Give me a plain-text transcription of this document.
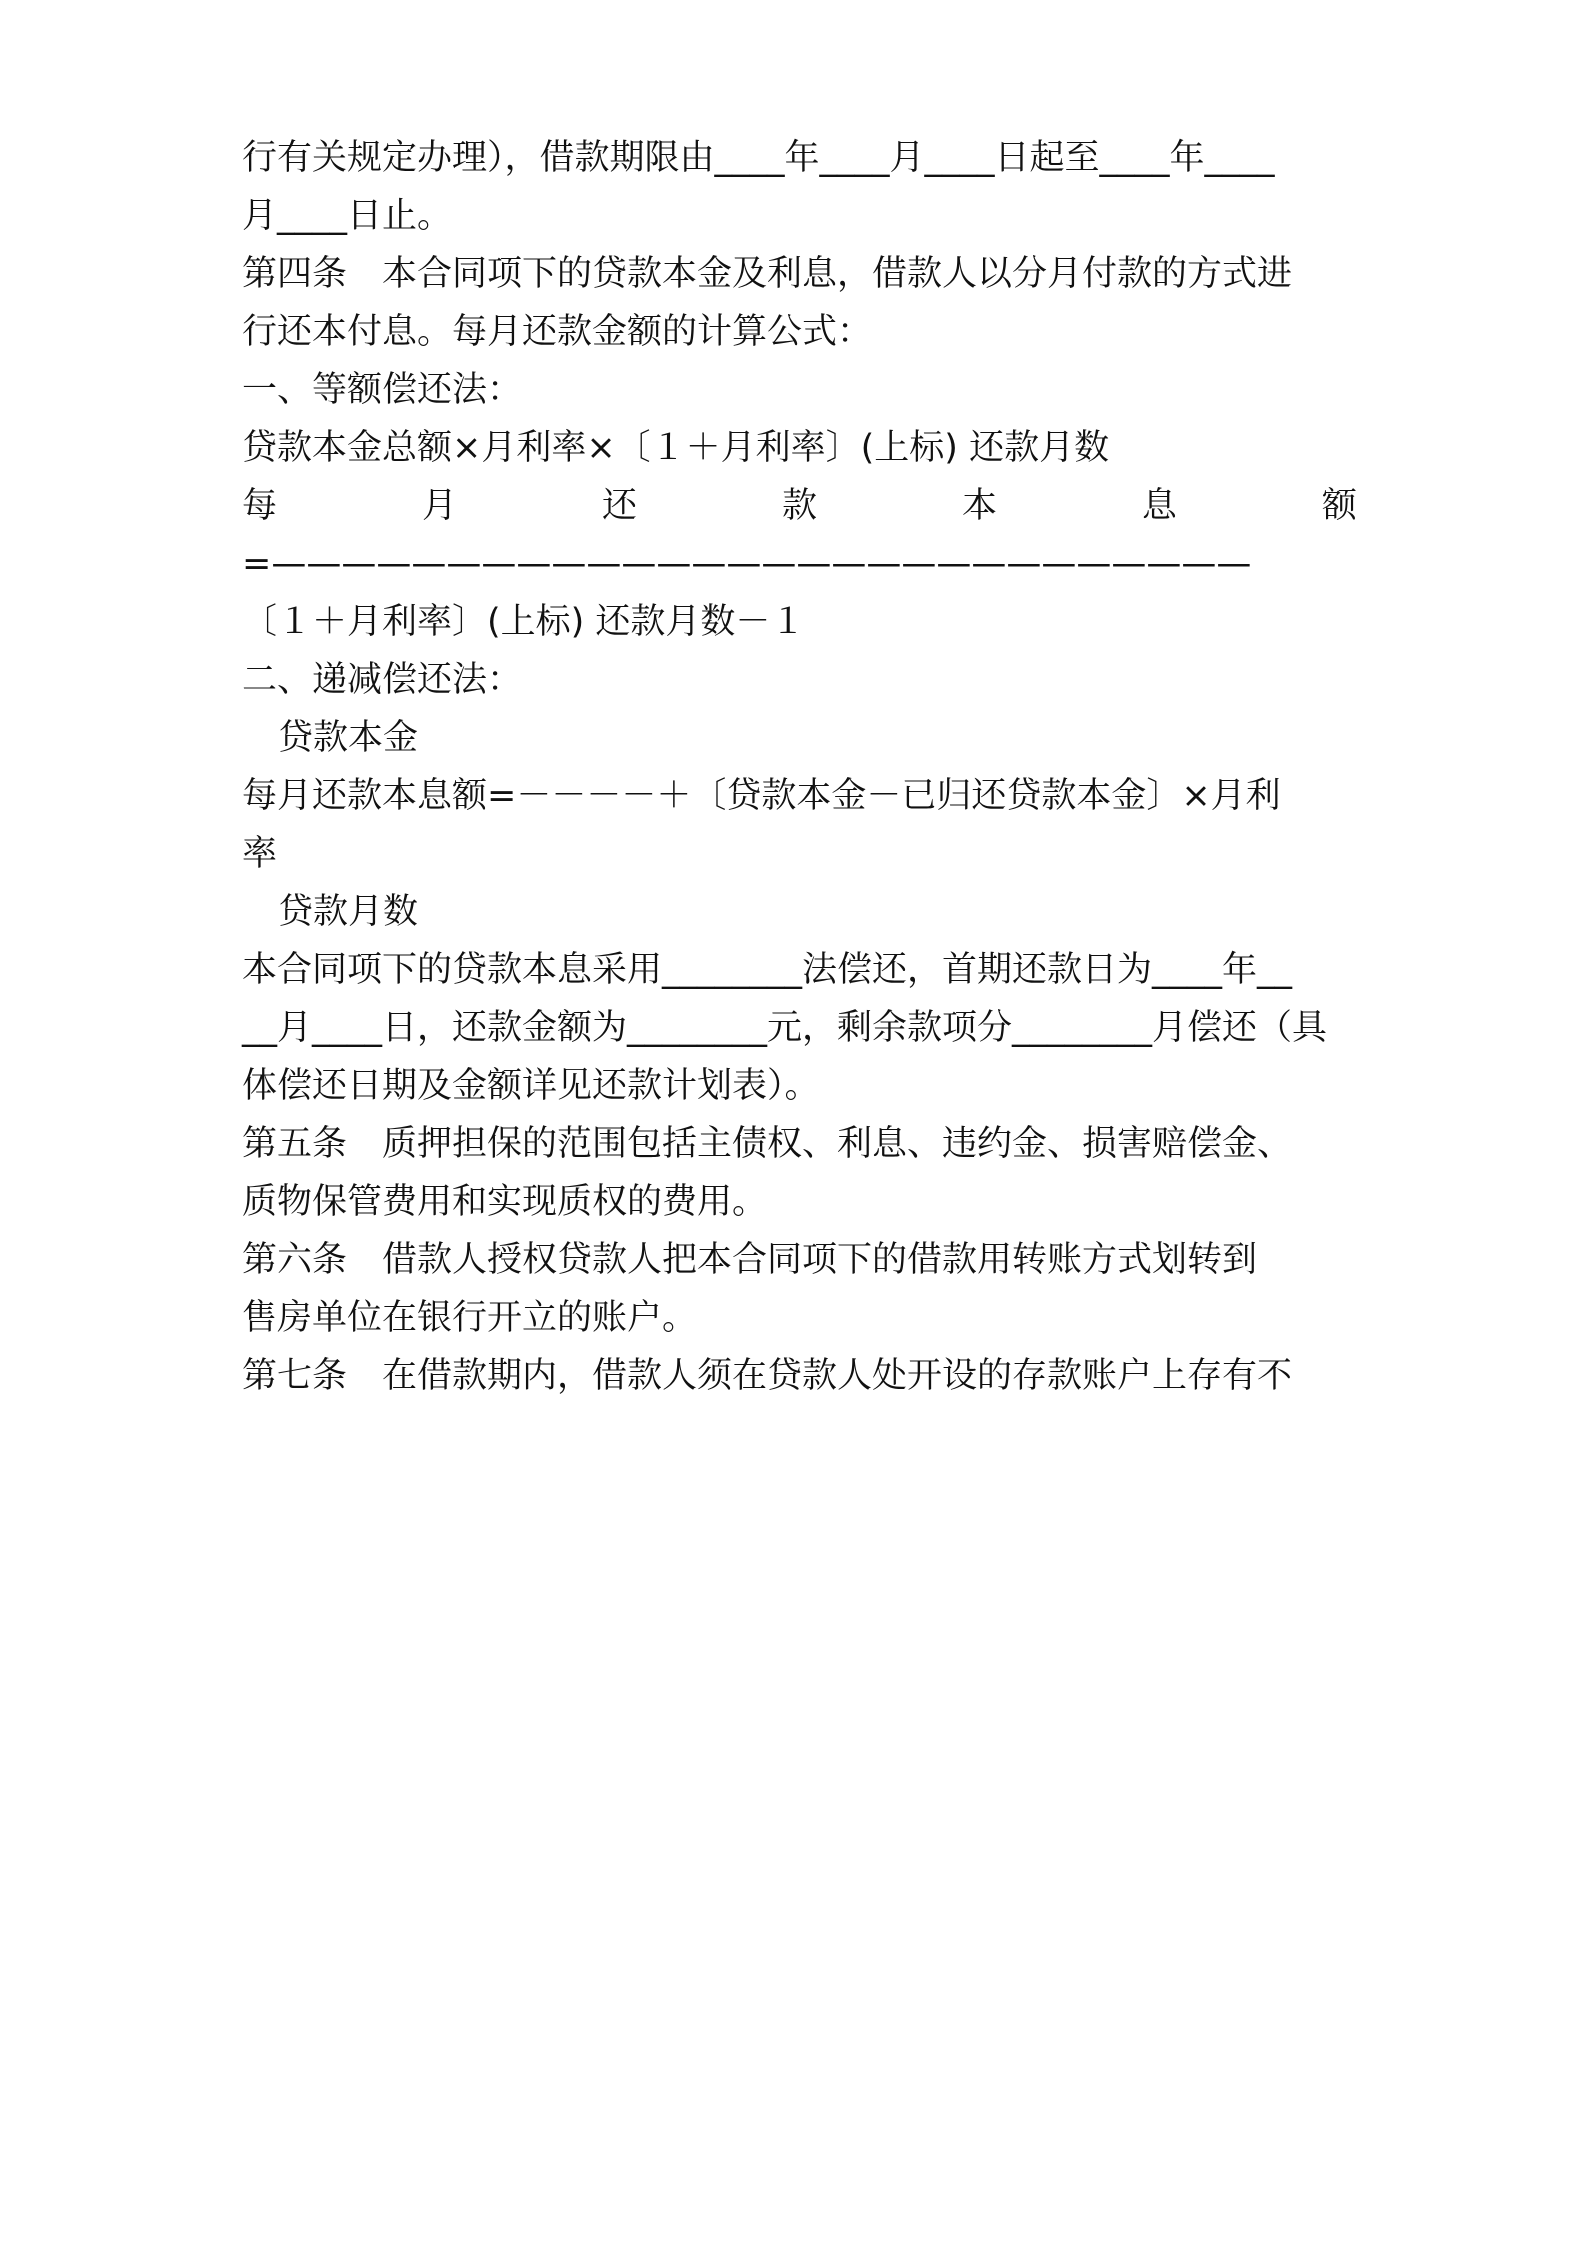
行有关规定办理），借款期限由____年____月____日起至____年____
月____日止。
第四条　本合同项下的贷款本金及利息，借款人以分月付款的方式进
行还本付息。每月还款金额的计算公式：
一、等额偿还法：
贷款本金总额×月利率×〔１＋月利率〕(上标) 还款月数
每	月	还	款	本	息	额
=————————————————————————————
〔１＋月利率〕(上标) 还款月数－１
二、递减偿还法：
贷款本金
每月还款本息额=－－－－＋〔贷款本金－已归还贷款本金〕×月利
率
贷款月数
本合同项下的贷款本息采用________法偿还，首期还款日为____年__
__月____日，还款金额为________元，剩余款项分________月偿还（具
体偿还日期及金额详见还款计划表）。
第五条　质押担保的范围包括主债权、利息、违约金、损害赔偿金、
质物保管费用和实现质权的费用。
第六条　借款人授权贷款人把本合同项下的借款用转账方式划转到
售房单位在银行开立的账户。
第七条　在借款期内，借款人须在贷款人处开设的存款账户上存有不
